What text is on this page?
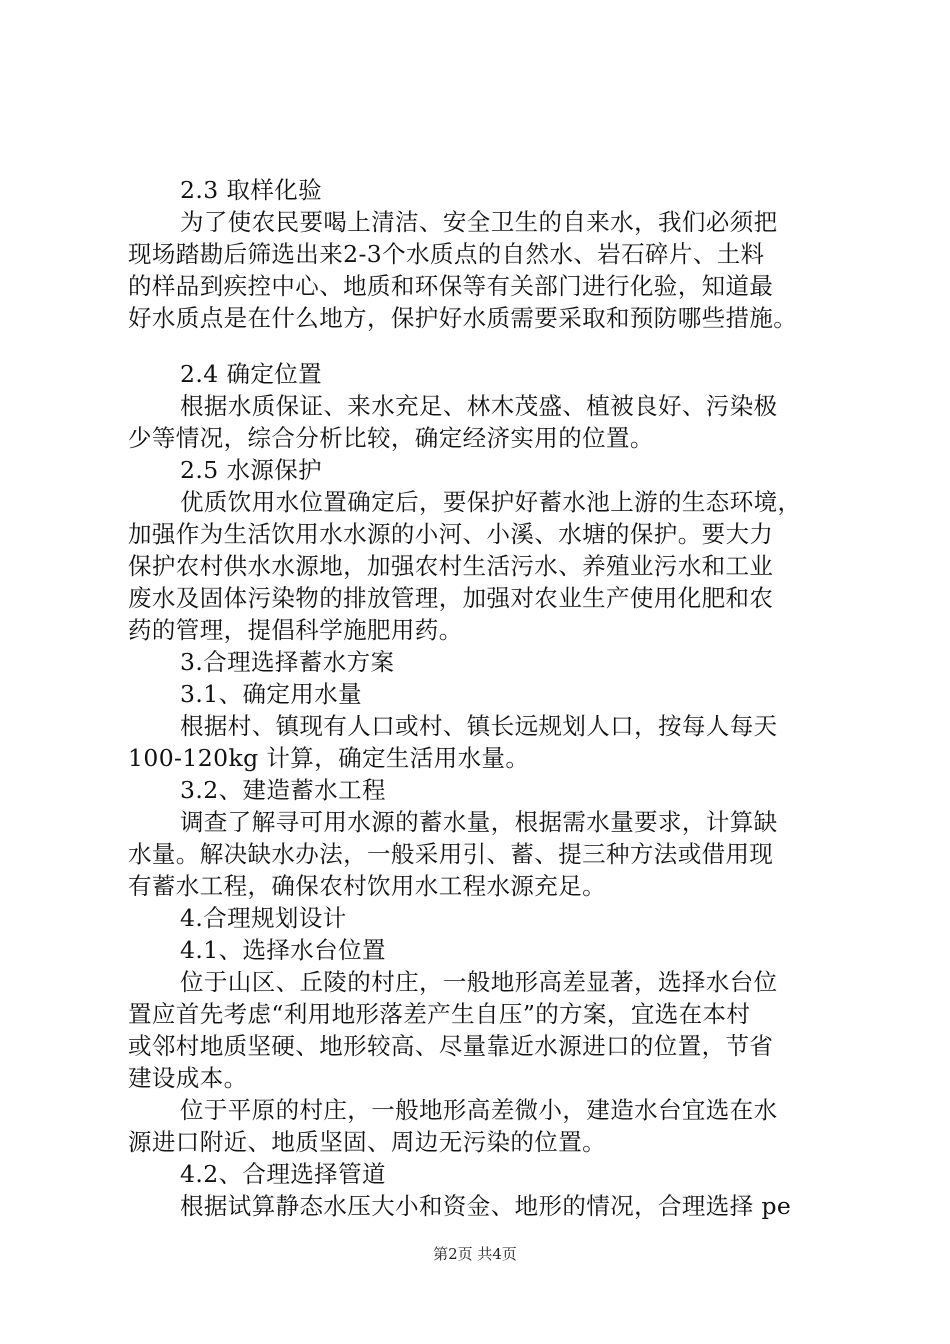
2.3 取样化验
为了使农民要喝上清洁、安全卫生的自来水，我们必须把
现场踏勘后筛选出来2-3个水质点的自然水、岩石碎片、土料
的样品到疾控中心、地质和环保等有关部门进行化验，知道最
好水质点是在什么地方，保护好水质需要采取和预防哪些措施。
2.4 确定位置
根据水质保证、来水充足、林木茂盛、植被良好、污染极
少等情况，综合分析比较，确定经济实用的位置。
2.5 水源保护
优质饮用水位置确定后，要保护好蓄水池上游的生态环境，
加强作为生活饮用水水源的小河、小溪、水塘的保护。要大力
保护农村供水水源地，加强农村生活污水、养殖业污水和工业
废水及固体污染物的排放管理，加强对农业生产使用化肥和农
药的管理，提倡科学施肥用药。
3.合理选择蓄水方案
3.1、确定用水量
根据村、镇现有人口或村、镇长远规划人口，按每人每天
100-120kg 计算，确定生活用水量。
3.2、建造蓄水工程
调查了解寻可用水源的蓄水量，根据需水量要求，计算缺
水量。解决缺水办法，一般采用引、蓄、提三种方法或借用现
有蓄水工程，确保农村饮用水工程水源充足。
4.合理规划设计
4.1、选择水台位置
位于山区、丘陵的村庄，一般地形高差显著，选择水台位
置应首先考虑“利用地形落差产生自压”的方案，宜选在本村
或邻村地质坚硬、地形较高、尽量靠近水源进口的位置，节省
建设成本。
位于平原的村庄，一般地形高差微小，建造水台宜选在水
源进口附近、地质坚固、周边无污染的位置。
4.2、合理选择管道
根据试算静态水压大小和资金、地形的情况，合理选择 pe
第2页 共4页
